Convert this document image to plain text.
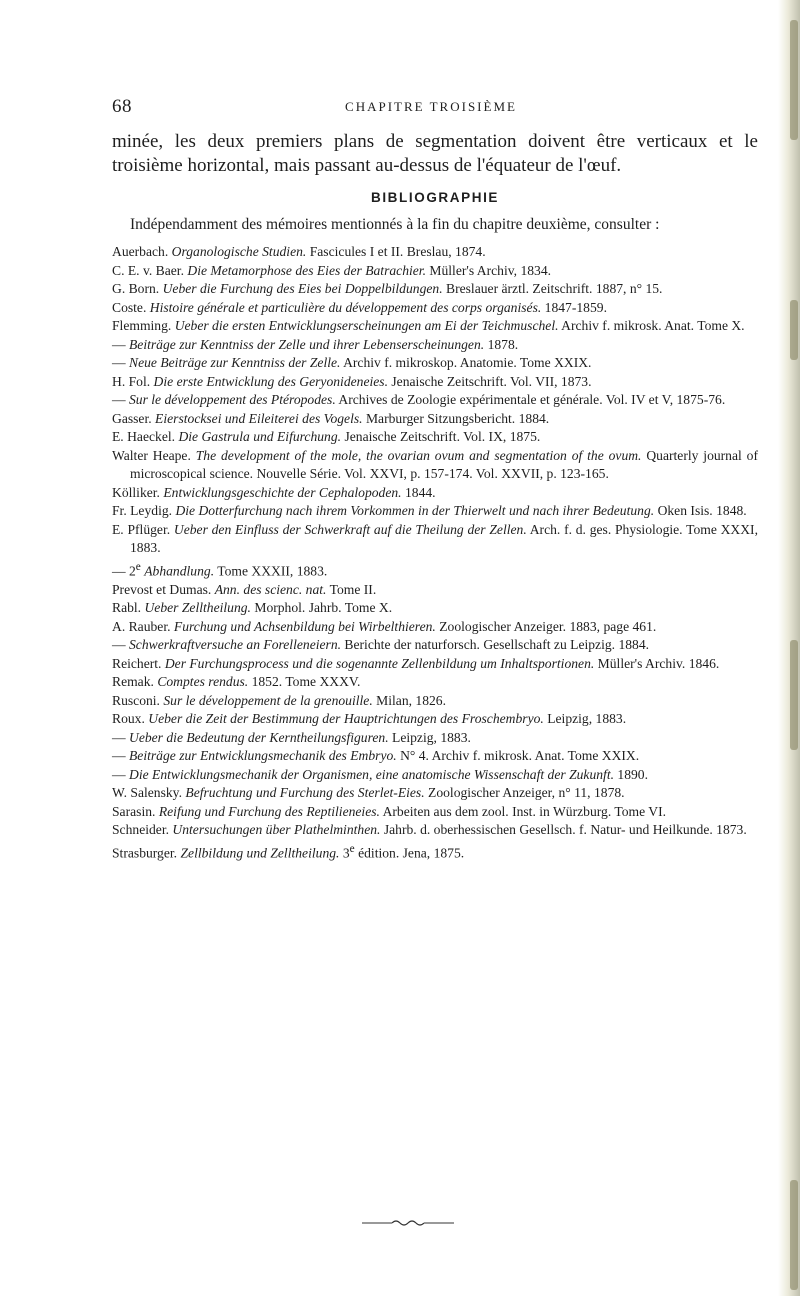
68	CHAPITRE TROISIÈME

minée, les deux premiers plans de segmentation doivent être verticaux et le troisième horizontal, mais passant au-dessus de l'équateur de l'œuf.

BIBLIOGRAPHIE

Indépendamment des mémoires mentionnés à la fin du chapitre deuxième, consulter :

Auerbach. Organologische Studien. Fascicules I et II. Breslau, 1874.
C. E. v. Baer. Die Metamorphose des Eies der Batrachier. Müller's Archiv, 1834.
G. Born. Ueber die Furchung des Eies bei Doppelbildungen. Breslauer ärztl. Zeitschrift. 1887, n° 15.
Coste. Histoire générale et particulière du développement des corps organisés. 1847-1859.
Flemming. Ueber die ersten Entwicklungserscheinungen am Ei der Teichmuschel. Archiv f. mikrosk. Anat. Tome X.
— Beiträge zur Kenntniss der Zelle und ihrer Lebenserscheinungen. 1878.
— Neue Beiträge zur Kenntniss der Zelle. Archiv f. mikroskop. Anatomie. Tome XXIX.
H. Fol. Die erste Entwicklung des Geryonideneies. Jenaische Zeitschrift. Vol. VII, 1873.
— Sur le développement des Ptéropodes. Archives de Zoologie expérimentale et générale. Vol. IV et V, 1875-76.
Gasser. Eierstocksei und Eileiterei des Vogels. Marburger Sitzungsbericht. 1884.
E. Haeckel. Die Gastrula und Eifurchung. Jenaische Zeitschrift. Vol. IX, 1875.
Walter Heape. The development of the mole, the ovarian ovum and segmentation of the ovum. Quarterly journal of microscopical science. Nouvelle Série. Vol. XXVI, p. 157-174. Vol. XXVII, p. 123-165.
Kölliker. Entwicklungsgeschichte der Cephalopoden. 1844.
Fr. Leydig. Die Dotterfurchung nach ihrem Vorkommen in der Thierwelt und nach ihrer Bedeutung. Oken Isis. 1848.
E. Pflüger. Ueber den Einfluss der Schwerkraft auf die Theilung der Zellen. Arch. f. d. ges. Physiologie. Tome XXXI, 1883.
— 2e Abhandlung. Tome XXXII, 1883.
Prevost et Dumas. Ann. des scienc. nat. Tome II.
Rabl. Ueber Zelltheilung. Morphol. Jahrb. Tome X.
A. Rauber. Furchung und Achsenbildung bei Wirbelthieren. Zoologischer Anzeiger. 1883, page 461.
— Schwerkraftversuche an Forelleneiern. Berichte der naturforsch. Gesellschaft zu Leipzig. 1884.
Reichert. Der Furchungsprocess und die sogenannte Zellenbildung um Inhaltsportionen. Müller's Archiv. 1846.
Remak. Comptes rendus. 1852. Tome XXXV.
Rusconi. Sur le développement de la grenouille. Milan, 1826.
Roux. Ueber die Zeit der Bestimmung der Hauptrichtungen des Froschembryo. Leipzig, 1883.
— Ueber die Bedeutung der Kerntheilungsfiguren. Leipzig, 1883.
— Beiträge zur Entwicklungsmechanik des Embryo. N° 4. Archiv f. mikrosk. Anat. Tome XXIX.
— Die Entwicklungsmechanik der Organismen, eine anatomische Wissenschaft der Zukunft. 1890.
W. Salensky. Befruchtung und Furchung des Sterlet-Eies. Zoologischer Anzeiger, n° 11, 1878.
Sarasin. Reifung und Furchung des Reptilieneies. Arbeiten aus dem zool. Inst. in Würzburg. Tome VI.
Schneider. Untersuchungen über Plathelminthen. Jahrb. d. oberhessischen Gesellsch. f. Natur- und Heilkunde. 1873.
Strasburger. Zellbildung und Zelltheilung. 3e édition. Jena, 1875.
